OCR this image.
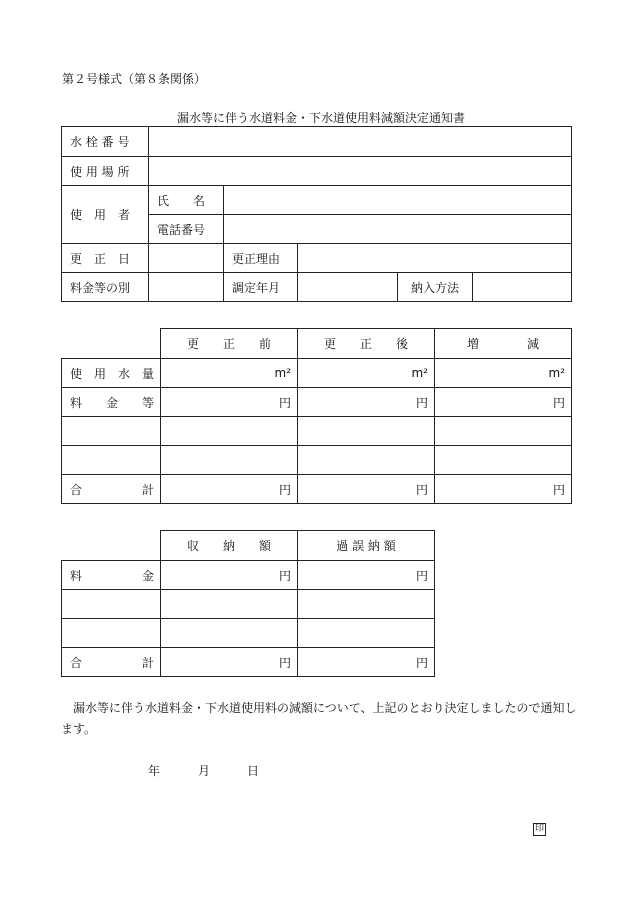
第２号様式（第８条関係）
漏水等に伴う水道料金・下水道使用料減額決定通知書
水 栓 番 号					
使 用 場 所					
使　用　者	氏　　名				
	電話番号				
更　正　日		更正理由			
料金等の別		調定年月		納入方法	
	更　　正　　前	更　　正　　後	増　　　　減
使　用　水　量	m²	m²	m²
料　　金　　等	円	円	円

合　　　　　計	円	円	円
	収　　納　　額	過 誤 納 額
料　　　　　金	円	円

合　　　　　計	円	円
漏水等に伴う水道料金・下水道使用料の減額について、上記のとおり決定しましたので通知します。
年	月	日
印
